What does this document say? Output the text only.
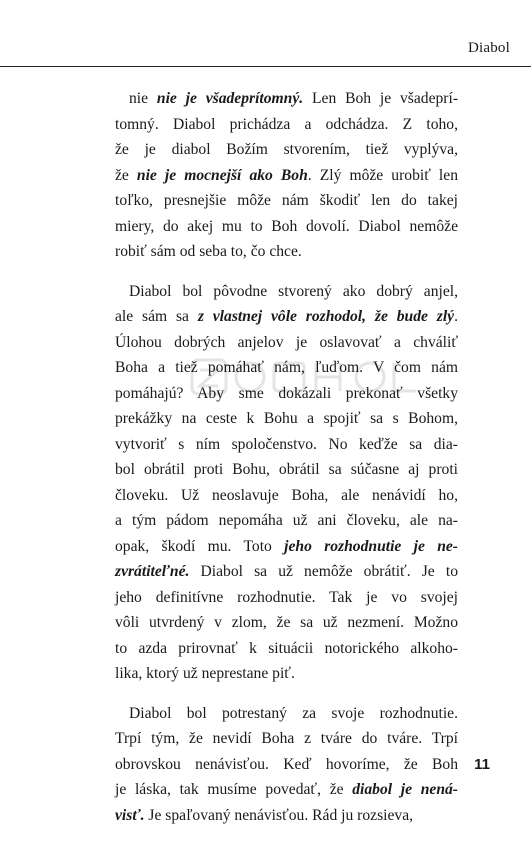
Diabol
nie nie je všadeprítomný. Len Boh je všadeprí-
tomný. Diabol prichádza a odchádza. Z toho,
že je diabol Božím stvorením, tiež vyplýva,
že nie je mocnejší ako Boh. Zlý môže urobiť len
toľko, presnejšie môže nám škodiť len do takej
miery, do akej mu to Boh dovolí. Diabol nemôže
robiť sám od seba to, čo chce.
Diabol bol pôvodne stvorený ako dobrý anjel,
ale sám sa z vlastnej vôle rozhodol, že bude zlý.
Úlohou dobrých anjelov je oslavovať a chváliť
Boha a tiež pomáhať nám, ľuďom. V čom nám
pomáhajú? Aby sme dokázali prekonať všetky
prekážky na ceste k Bohu a spojiť sa s Bohom,
vytvoriť s ním spoločenstvo. No keďže sa dia-
bol obrátil proti Bohu, obrátil sa súčasne aj proti
človeku. Už neoslavuje Boha, ale nenávidí ho,
a tým pádom nepomáha už ani človeku, ale na-
opak, škodí mu. Toto jeho rozhodnutie je ne-
zvrátiteľné. Diabol sa už nemôže obrátiť. Je to
jeho definitívne rozhodnutie. Tak je vo svojej
vôli utvrdený v zlom, že sa už nezmení. Možno
to azda prirovnať k situácii notorického alkoho-
lika, ktorý už neprestane piť.
Diabol bol potrestaný za svoje rozhodnutie.
Trpí tým, že nevidí Boha z tváre do tváre. Trpí
obrovskou nenávisťou. Keď hovoríme, že Boh
je láska, tak musíme povedať, že diabol je nená-
visť. Je spaľovaný nenávisťou. Rád ju rozsieva,
11
